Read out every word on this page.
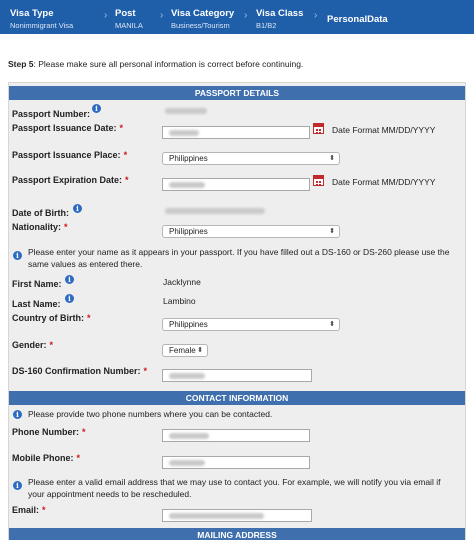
Visa Type
Nonimmigrant Visa
› Post
MANILA
› Visa Category
Business/Tourism
› Visa Class
B1/B2
› PersonalData
Step 5: Please make sure all personal information is correct before continuing.
PASSPORT DETAILS
Passport Number:
i
Passport Issuance Date: *	Date Format MM/DD/YYYY
Passport Issuance Place: *	Philippines	⬍
Passport Expiration Date: *	Date Format MM/DD/YYYY
Date of Birth:	i
Nationality: *	Philippines	⬍
i	Please enter your name as it appears in your passport. If you have filled out a DS-160 or DS-260 please use the same values as entered there.
First Name: i	Jacklynne
Last Name:
i	Lambino
Country of Birth: *
Philippines	⬍
Gender: *
Female ⬍
DS-160 Confirmation Number: *
CONTACT INFORMATION
i	Please provide two phone numbers where you can be contacted.
Phone Number: *
Mobile Phone: *
i	Please enter a valid email address that we may use to contact you. For example, we will notify you via email if your appointment needs to be rescheduled.
Email: *
MAILING ADDRESS
